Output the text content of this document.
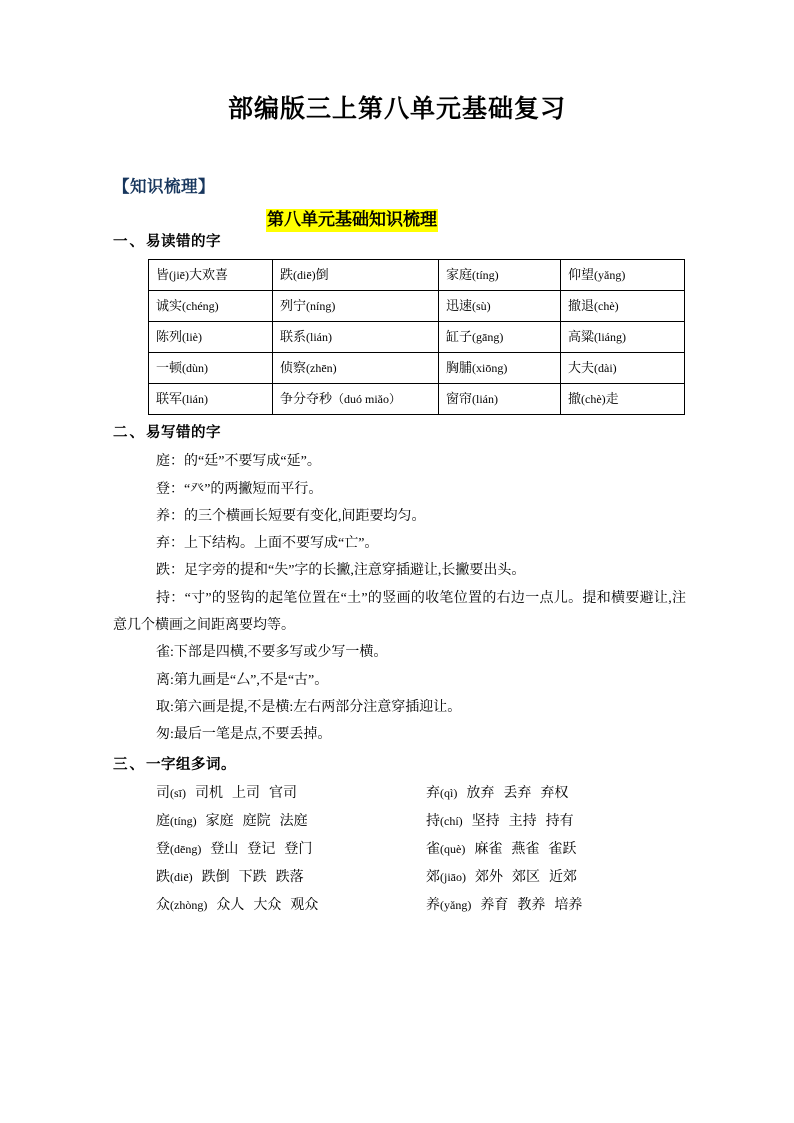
部编版三上第八单元基础复习
【知识梳理】
第八单元基础知识梳理
一、易读错的字
皆(jiē)大欢喜	跌(diē)倒	家庭(tíng)	仰望(yǎng)
诚实(chéng)	列宁(níng)	迅速(sù)	撤退(chè)
陈列(liè)	联系(lián)	缸子(gāng)	高粱(liáng)
一顿(dùn)	侦察(zhēn)	胸脯(xiōng)	大夫(dài)
联军(lián)	争分夺秒（duó miǎo）	窗帘(lián)	撤(chè)走
二、易写错的字

庭：的“廷”不要写成“延”。

登：“癶”的两撇短而平行。

养：的三个横画长短要有变化,间距要均匀。

弃：上下结构。上面不要写成“亡”。

跌：足字旁的提和“失”字的长撇,注意穿插避让,长撇要出头。

持：“寸”的竖钩的起笔位置在“土”的竖画的收笔位置的右边一点儿。提和横要避让,注意几个横画之间距离要均等。

雀:下部是四横,不要多写或少写一横。

离:第九画是“厶”,不是“古”。

取:第六画是提,不是横:左右两部分注意穿插迎让。

匆:最后一笔是点,不要丢掉。

三、一字组多词。
司(sī) 司机 上司 官司	弃(qì) 放弃 丢弃 弃权
庭(tíng) 家庭 庭院 法庭	持(chí) 坚持 主持 持有
登(dēng) 登山 登记 登门	雀(què) 麻雀 燕雀 雀跃
跌(diē) 跌倒 下跌 跌落	郊(jiāo) 郊外 郊区 近郊
众(zhòng) 众人 大众 观众	养(yǎng) 养育 教养 培养
